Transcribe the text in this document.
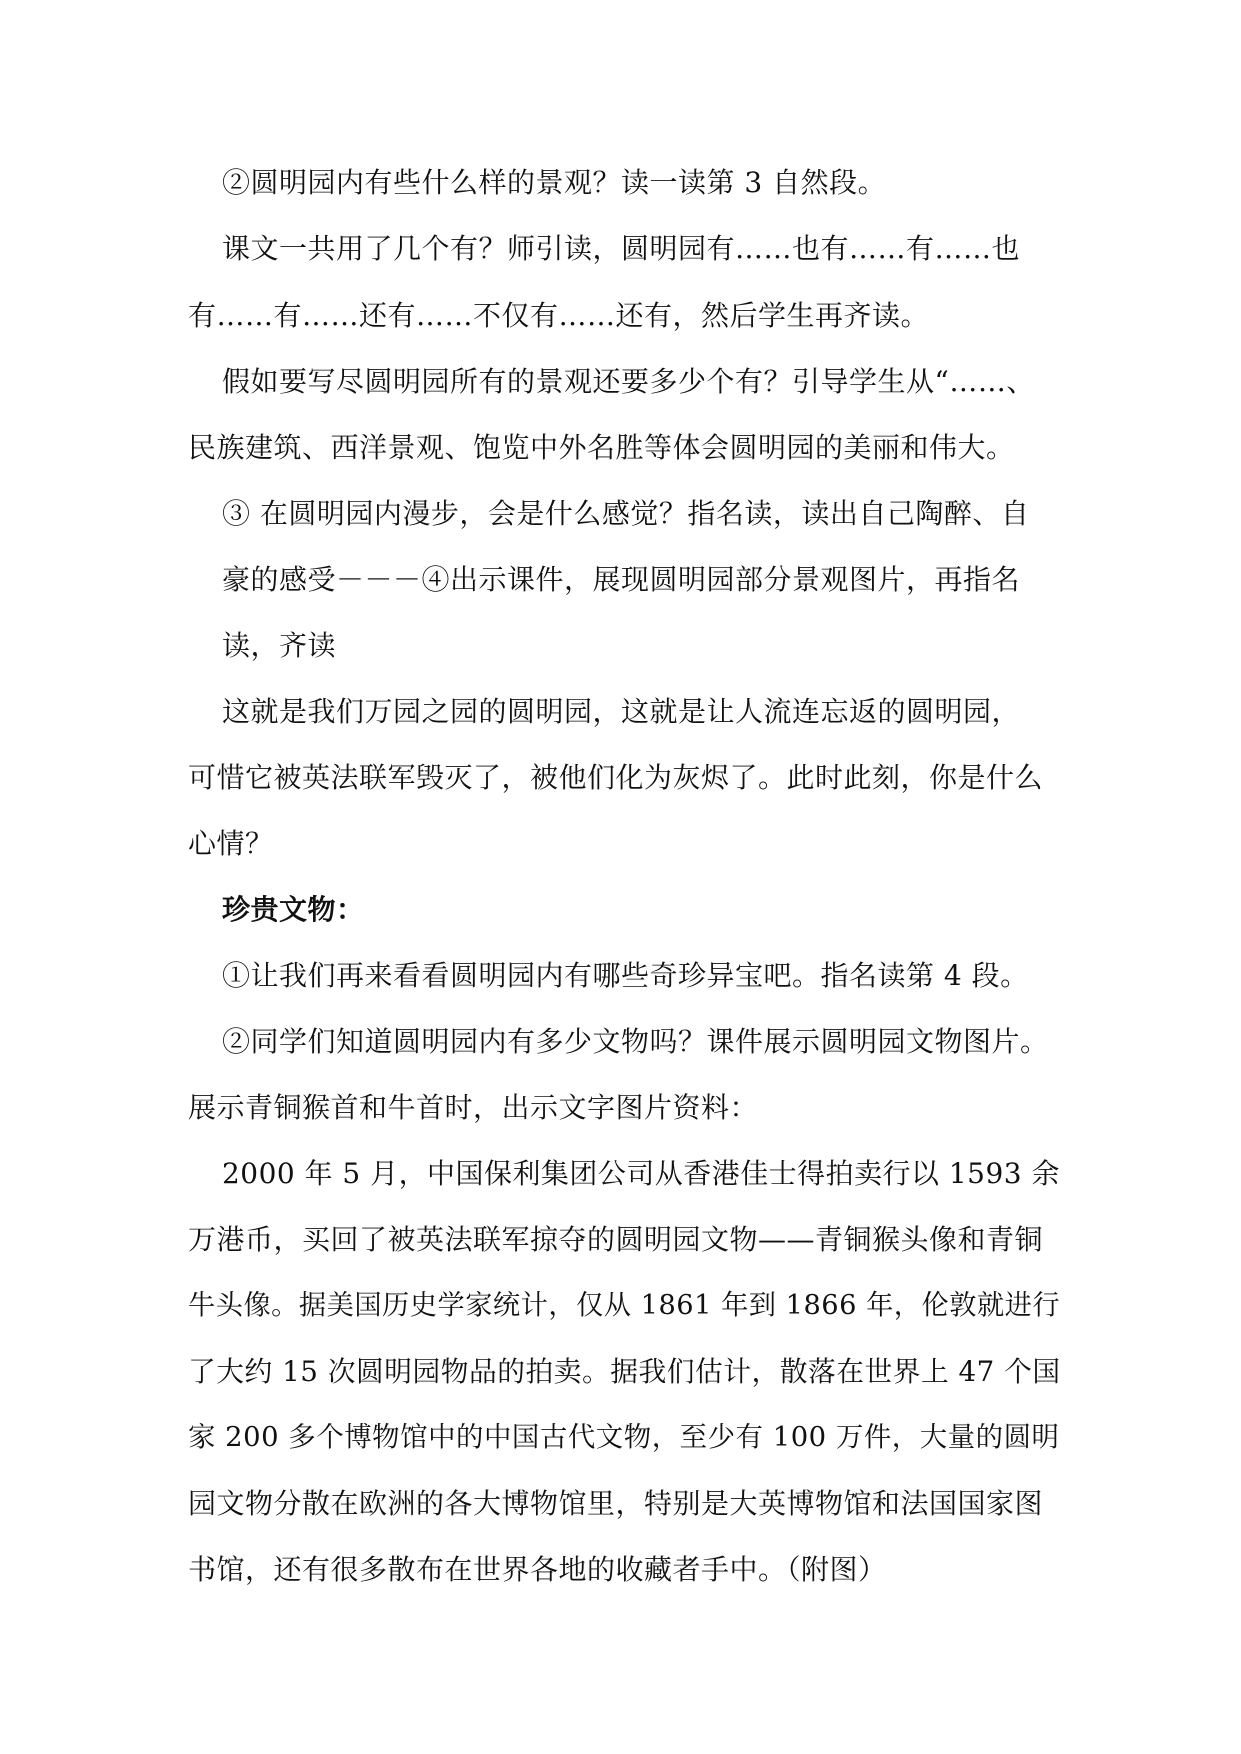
②圆明园内有些什么样的景观？读一读第 3 自然段。
课文一共用了几个有？师引读，圆明园有……也有……有……也
有……有……还有……不仅有……还有，然后学生再齐读。
假如要写尽圆明园所有的景观还要多少个有？引导学生从“……、
民族建筑、西洋景观、饱览中外名胜等体会圆明园的美丽和伟大。
③ 在圆明园内漫步，会是什么感觉？指名读，读出自己陶醉、自
豪的感受－－－④出示课件，展现圆明园部分景观图片，再指名
读，齐读
这就是我们万园之园的圆明园，这就是让人流连忘返的圆明园，
可惜它被英法联军毁灭了，被他们化为灰烬了。此时此刻，你是什么
心情？
珍贵文物：
①让我们再来看看圆明园内有哪些奇珍异宝吧。指名读第 4 段。
②同学们知道圆明园内有多少文物吗？课件展示圆明园文物图片。
展示青铜猴首和牛首时，出示文字图片资料：
2000 年 5 月，中国保利集团公司从香港佳士得拍卖行以 1593 余
万港币，买回了被英法联军掠夺的圆明园文物——青铜猴头像和青铜
牛头像。据美国历史学家统计，仅从 1861 年到 1866 年，伦敦就进行
了大约 15 次圆明园物品的拍卖。据我们估计，散落在世界上 47 个国
家 200 多个博物馆中的中国古代文物，至少有 100 万件，大量的圆明
园文物分散在欧洲的各大博物馆里，特别是大英博物馆和法国国家图
书馆，还有很多散布在世界各地的收藏者手中。（附图）
